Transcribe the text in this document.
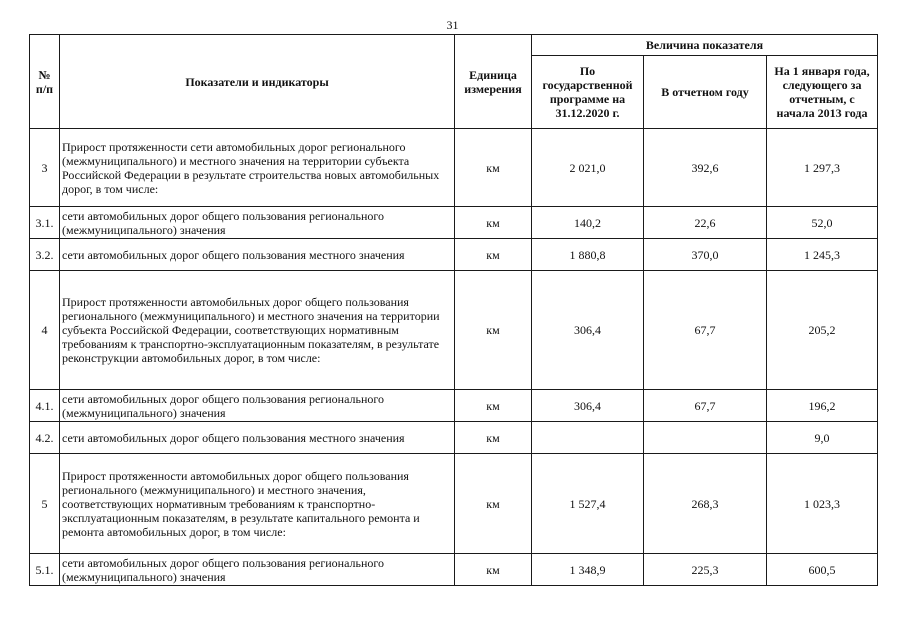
31
№ п/п	Показатели и индикаторы	Единица измерения	Величина показателя		
			По государственной программе на 31.12.2020 г.	В отчетном году	На 1 января года, следующего за отчетным, с начала 2013 года
3	Прирост протяженности сети автомобильных дорог регионального (межмуниципального) и местного значения на территории субъекта Российской Федерации в результате строительства новых автомобильных дорог, в том числе:	км	2 021,0	392,6	1 297,3
3.1.	сети автомобильных дорог общего пользования регионального (межмуниципального) значения	км	140,2	22,6	52,0
3.2.	сети автомобильных дорог общего пользования местного значения	км	1 880,8	370,0	1 245,3
4	Прирост протяженности автомобильных дорог общего пользования регионального (межмуниципального) и местного значения на территории субъекта Российской Федерации, соответствующих нормативным требованиям к транспортно-эксплуатационным показателям, в результате реконструкции автомобильных дорог, в том числе:	км	306,4	67,7	205,2
4.1.	сети автомобильных дорог общего пользования регионального (межмуниципального) значения	км	306,4	67,7	196,2
4.2.	сети автомобильных дорог общего пользования местного значения	км			9,0
5	Прирост протяженности автомобильных дорог общего пользования регионального (межмуниципального) и местного значения, соответствующих нормативным требованиям к транспортно-эксплуатационным показателям, в результате капитального ремонта и ремонта автомобильных дорог, в том числе:	км	1 527,4	268,3	1 023,3
5.1.	сети автомобильных дорог общего пользования регионального (межмуниципального) значения	км	1 348,9	225,3	600,5
